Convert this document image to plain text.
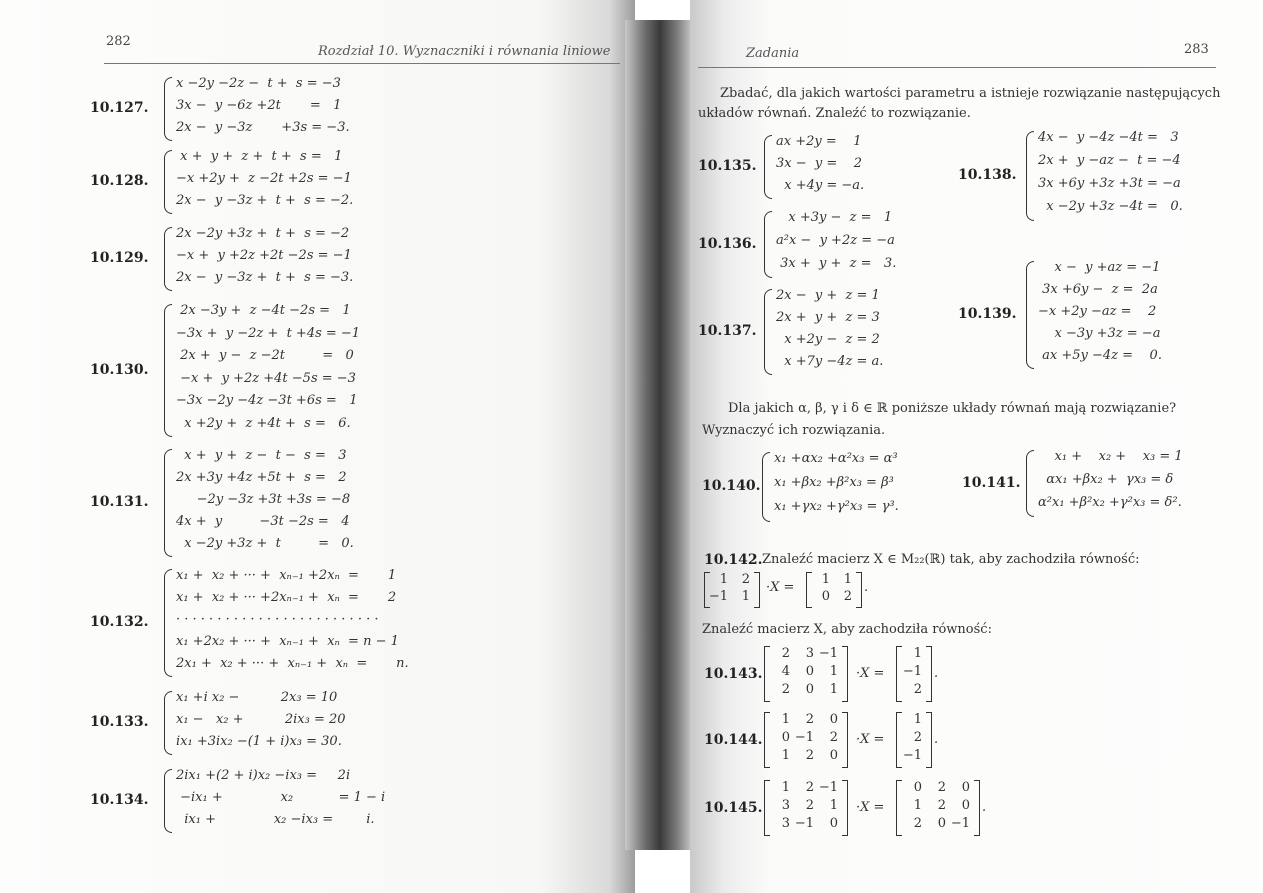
282
Rozdział 10. Wyznaczniki i równania liniowe
10.127.
x −2y −2z −  t +  s = −3
3x −  y −6z +2t       =   1
2x −  y −3z       +3s = −3.
10.128.
x +  y +  z +  t +  s =   1
−x +2y +  z −2t +2s = −1
2x −  y −3z +  t +  s = −2.
10.129.
2x −2y +3z +  t +  s = −2
−x +  y +2z +2t −2s = −1
2x −  y −3z +  t +  s = −3.
10.130.
2x −3y +  z −4t −2s =   1
−3x +  y −2z +  t +4s = −1
2x +  y −  z −2t         =   0
−x +  y +2z +4t −5s = −3
−3x −2y −4z −3t +6s =   1
x +2y +  z +4t +  s =   6.
10.131.
x +  y +  z −  t −  s =   3
2x +3y +4z +5t +  s =   2
−2y −3z +3t +3s = −8
4x +  y         −3t −2s =   4
x −2y +3z +  t         =   0.
10.132.
x₁ +  x₂ + ··· +  xₙ₋₁ +2xₙ  =       1
x₁ +  x₂ + ··· +2xₙ₋₁ +  xₙ  =       2
· · · · · · · · · · · · · · · · · · · · · · · · ·
x₁ +2x₂ + ··· +  xₙ₋₁ +  xₙ  = n − 1
2x₁ +  x₂ + ··· +  xₙ₋₁ +  xₙ  =       n.
10.133.
x₁ +i x₂ −          2x₃ = 10
x₁ −   x₂ +          2ix₃ = 20
ix₁ +3ix₂ −(1 + i)x₃ = 30.
10.134.
2ix₁ +(2 + i)x₂ −ix₃ =     2i
−ix₁ +              x₂           = 1 − i
ix₁ +              x₂ −ix₃ =        i.
Zadania	283
Zbadać, dla jakich wartości parametru a istnieje rozwiązanie następujących
układów równań. Znaleźć to rozwiązanie.
10.135.
ax +2y =    1
3x −  y =    2
x +4y = −a.
10.136.
x +3y −  z =   1
a²x −  y +2z = −a
3x +  y +  z =   3.
10.137.
2x −  y +  z = 1
2x +  y +  z = 3
x +2y −  z = 2
x +7y −4z = a.
10.138.
4x −  y −4z −4t =   3
2x +  y −az −  t = −4
3x +6y +3z +3t = −a
x −2y +3z −4t =   0.
10.139.
x −  y +az = −1
3x +6y −  z =  2a
−x +2y −az =    2
x −3y +3z = −a
ax +5y −4z =    0.
Dla jakich α, β, γ i δ ∈ ℝ poniższe układy równań mają rozwiązanie?
Wyznaczyć ich rozwiązania.
10.140.
x₁ +αx₂ +α²x₃ = α³
x₁ +βx₂ +β²x₃ = β³
x₁ +γx₂ +γ²x₃ = γ³.
10.141.
x₁ +    x₂ +    x₃ = 1
αx₁ +βx₂ +  γx₃ = δ
α²x₁ +β²x₂ +γ²x₃ = δ².
10.142. Znaleźć macierz X ∈ M₂₂(ℝ) tak, aby zachodziła równość:
1	2
−1	1
·X =
1	1
0	2
.
Znaleźć macierz X, aby zachodziła równość:
10.143.
2	3 −1
4	0	1
2	0	1
·X =
1
−1
2
.
10.144.
1	2	0
0 −1	2
1	2	0
·X =
1
2
−1
.
10.145.
1	2 −1
3	2	1
3 −1	0
·X =
0	2	0
1	2	0
2	0 −1
.
